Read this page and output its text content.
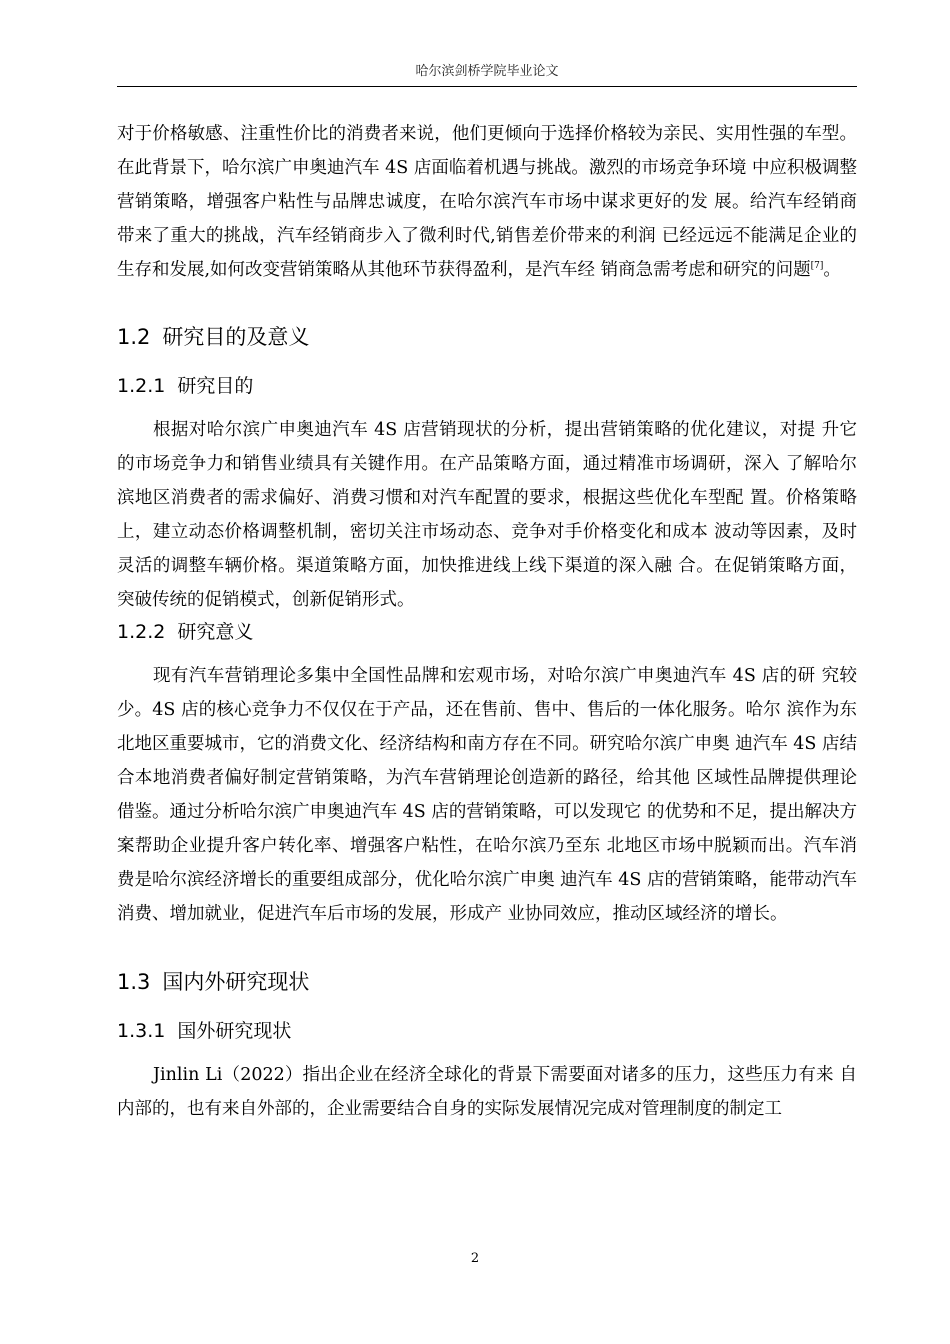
哈尔滨剑桥学院毕业论文

对于价格敏感、注重性价比的消费者来说，他们更倾向于选择价格较为亲民、实用性强的车型。在此背景下，哈尔滨广申奥迪汽车 4S 店面临着机遇与挑战。激烈的市场竞争环境 中应积极调整营销策略，增强客户粘性与品牌忠诚度，在哈尔滨汽车市场中谋求更好的发 展。给汽车经销商带来了重大的挑战，汽车经销商步入了微利时代,销售差价带来的利润 已经远远不能满足企业的生存和发展,如何改变营销策略从其他环节获得盈利，是汽车经 销商急需考虑和研究的问题[7]。

1.2 研究目的及意义
1.2.1 研究目的

根据对哈尔滨广申奥迪汽车 4S 店营销现状的分析，提出营销策略的优化建议，对提 升它的市场竞争力和销售业绩具有关键作用。在产品策略方面，通过精准市场调研，深入 了解哈尔滨地区消费者的需求偏好、消费习惯和对汽车配置的要求，根据这些优化车型配 置。价格策略上，建立动态价格调整机制，密切关注市场动态、竞争对手价格变化和成本 波动等因素，及时灵活的调整车辆价格。渠道策略方面，加快推进线上线下渠道的深入融 合。在促销策略方面，突破传统的促销模式，创新促销形式。

1.2.2 研究意义

现有汽车营销理论多集中全国性品牌和宏观市场，对哈尔滨广申奥迪汽车 4S 店的研 究较少。4S 店的核心竞争力不仅仅在于产品，还在售前、售中、售后的一体化服务。哈尔 滨作为东北地区重要城市，它的消费文化、经济结构和南方存在不同。研究哈尔滨广申奥 迪汽车 4S 店结合本地消费者偏好制定营销策略，为汽车营销理论创造新的路径，给其他 区域性品牌提供理论借鉴。通过分析哈尔滨广申奥迪汽车 4S 店的营销策略，可以发现它 的优势和不足，提出解决方案帮助企业提升客户转化率、增强客户粘性，在哈尔滨乃至东 北地区市场中脱颖而出。汽车消费是哈尔滨经济增长的重要组成部分，优化哈尔滨广申奥 迪汽车 4S 店的营销策略，能带动汽车消费、增加就业，促进汽车后市场的发展，形成产 业协同效应，推动区域经济的增长。

1.3 国内外研究现状
1.3.1 国外研究现状

Jinlin Li（2022）指出企业在经济全球化的背景下需要面对诸多的压力，这些压力有来 自内部的，也有来自外部的，企业需要结合自身的实际发展情况完成对管理制度的制定工

2
